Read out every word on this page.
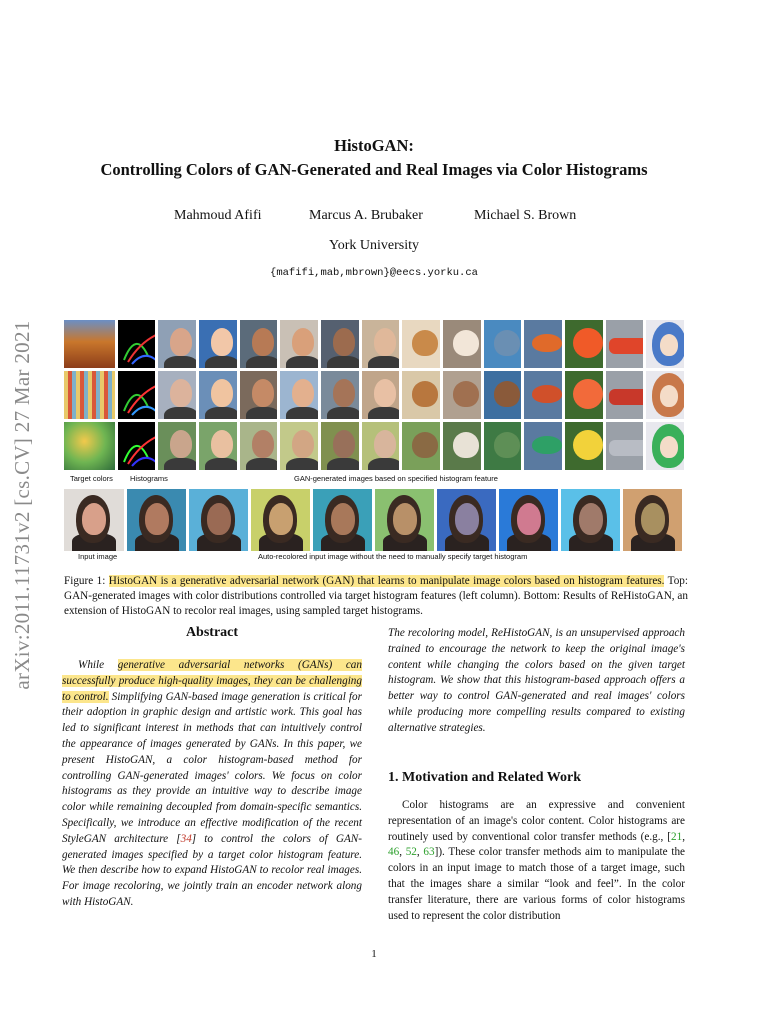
arXiv:2011.11731v2 [cs.CV] 27 Mar 2021
HistoGAN:
Controlling Colors of GAN-Generated and Real Images via Color Histograms
Mahmoud Afifi	Marcus A. Brubaker	Michael S. Brown
York University
{mafifi,mab,mbrown}@eecs.yorku.ca
Target colors Histograms	GAN-generated images based on specified histogram feature
Input image	Auto-recolored input image without the need to manually specify target histogram
Figure 1: HistoGAN is a generative adversarial network (GAN) that learns to manipulate image colors based on histogram features. Top: GAN-generated images with color distributions controlled via target histogram features (left column). Bottom: Results of ReHistoGAN, an extension of HistoGAN to recolor real images, using sampled target histograms.
Abstract
While generative adversarial networks (GANs) can successfully produce high-quality images, they can be challenging to control. Simplifying GAN-based image generation is critical for their adoption in graphic design and artistic work. This goal has led to significant interest in methods that can intuitively control the appearance of images generated by GANs. In this paper, we present HistoGAN, a color histogram-based method for controlling GAN-generated images' colors. We focus on color histograms as they provide an intuitive way to describe image color while remaining decoupled from domain-specific semantics. Specifically, we introduce an effective modification of the recent StyleGAN architecture [34] to control the colors of GAN-generated images specified by a target color histogram feature. We then describe how to expand HistoGAN to recolor real images. For image recoloring, we jointly train an encoder network along with HistoGAN.
The recoloring model, ReHistoGAN, is an unsupervised approach trained to encourage the network to keep the original image's content while changing the colors based on the given target histogram. We show that this histogram-based approach offers a better way to control GAN-generated and real images' colors while producing more compelling results compared to existing alternative strategies.
1. Motivation and Related Work
Color histograms are an expressive and convenient representation of an image's color content. Color histograms are routinely used by conventional color transfer methods (e.g., [21, 46, 52, 63]). These color transfer methods aim to manipulate the colors in an input image to match those of a target image, such that the images share a similar “look and feel”. In the color transfer literature, there are various forms of color histograms used to represent the color distribution
1
